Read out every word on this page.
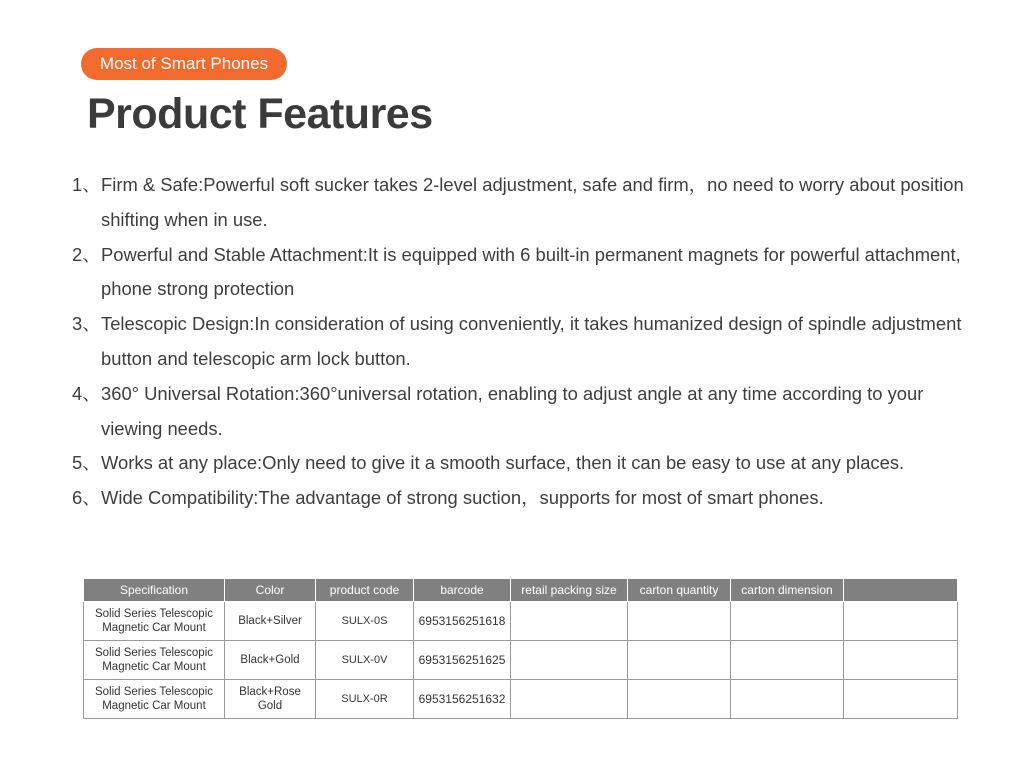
Most of Smart Phones
Product Features
1、 Firm & Safe:Powerful soft sucker takes 2-level adjustment, safe and firm，no need to worry about position shifting when in use.
2、 Powerful and Stable Attachment:It is equipped with 6 built-in permanent magnets for powerful attachment, phone strong protection
3、 Telescopic Design:In consideration of using conveniently, it takes humanized design of spindle adjustment button and telescopic arm lock button.
4、 360° Universal Rotation:360°universal rotation, enabling to adjust angle at any time according to your viewing needs.
5、 Works at any place:Only need to give it a smooth surface, then it can be easy to use at any places.
6、 Wide Compatibility:The advantage of strong suction，supports for most of smart phones.
Specification	Color	product code	barcode	retail packing size	carton quantity	carton dimension	
Solid Series Telescopic Magnetic Car Mount	Black+Silver	SULX-0S	6953156251618				
Solid Series Telescopic Magnetic Car Mount	Black+Gold	SULX-0V	6953156251625				
Solid Series Telescopic Magnetic Car Mount	Black+Rose Gold	SULX-0R	6953156251632				
